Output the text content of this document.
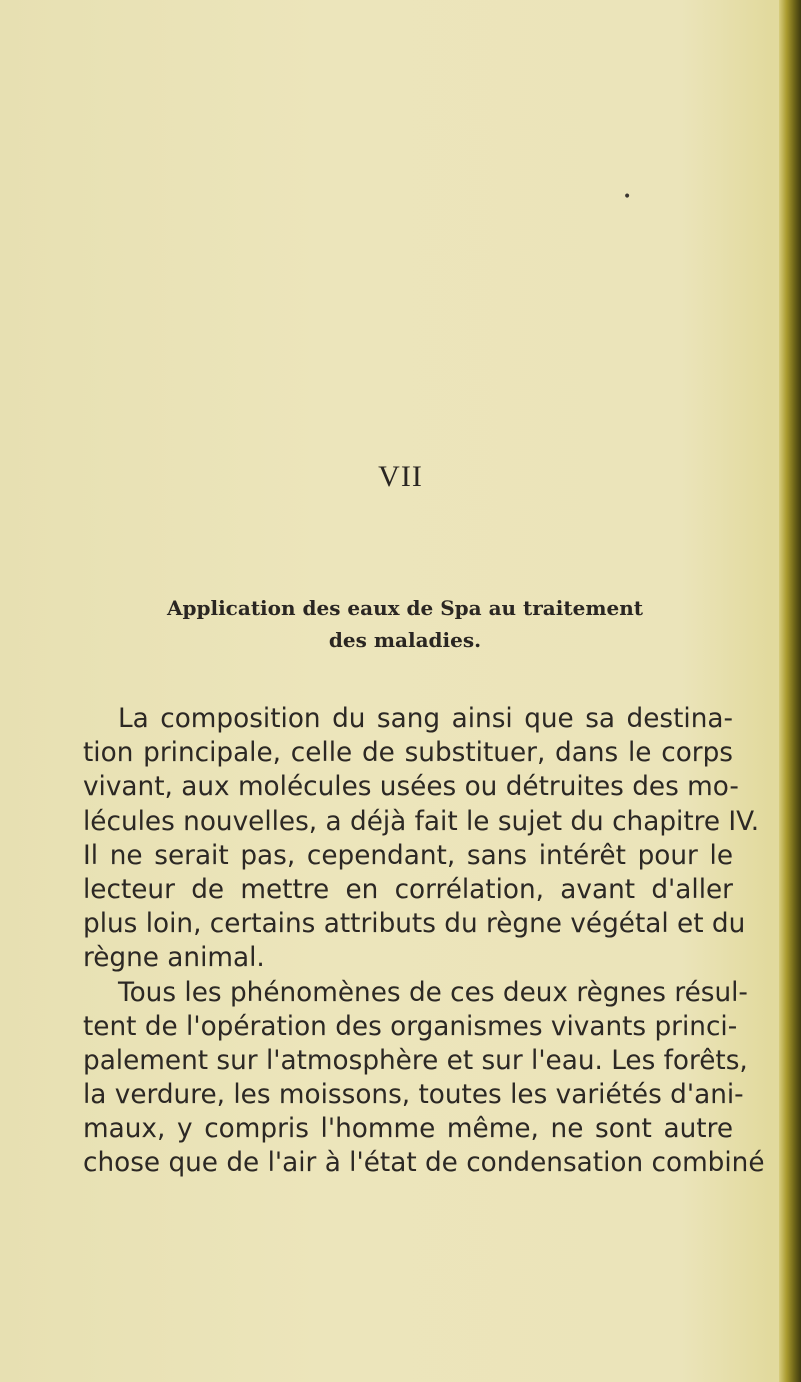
•
VII
Application des eaux de Spa au traitement
des maladies.
La composition du sang ainsi que sa destina-
tion principale, celle de substituer, dans le corps
vivant, aux molécules usées ou détruites des mo-
lécules nouvelles, a déjà fait le sujet du chapitre IV.
Il ne serait pas, cependant, sans intérêt pour le
lecteur de mettre en corrélation, avant d'aller
plus loin, certains attributs du règne végétal et du
règne animal.
Tous les phénomènes de ces deux règnes résul-
tent de l'opération des organismes vivants princi-
palement sur l'atmosphère et sur l'eau. Les forêts,
la verdure, les moissons, toutes les variétés d'ani-
maux, y compris l'homme même, ne sont autre
chose que de l'air à l'état de condensation combiné
